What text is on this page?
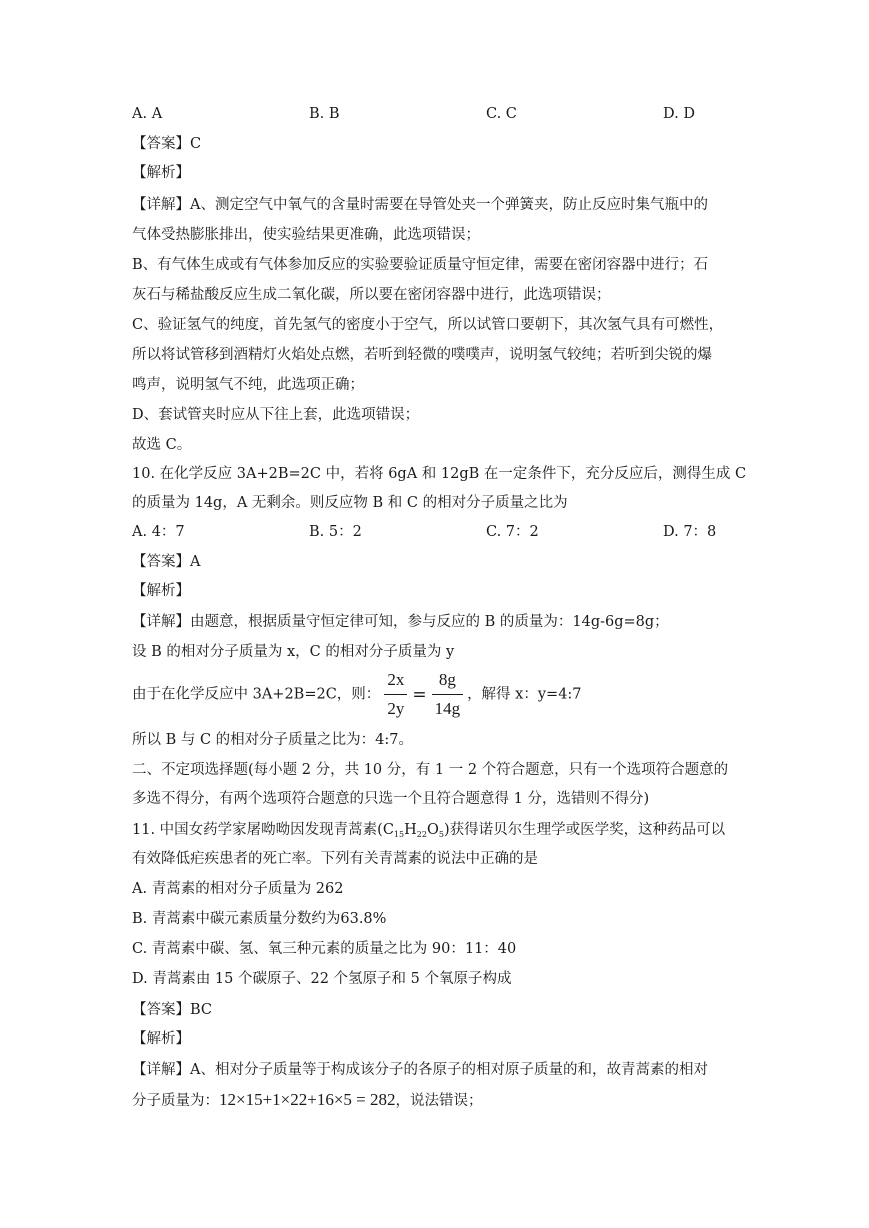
A. A	B. B	C. C	D. D
【答案】C
【解析】
【详解】A、测定空气中氧气的含量时需要在导管处夹一个弹簧夹，防止反应时集气瓶中的
气体受热膨胀排出，使实验结果更准确，此选项错误；
B、有气体生成或有气体参加反应的实验要验证质量守恒定律，需要在密闭容器中进行；石
灰石与稀盐酸反应生成二氧化碳，所以要在密闭容器中进行，此选项错误；
C、验证氢气的纯度，首先氢气的密度小于空气，所以试管口要朝下，其次氢气具有可燃性，
所以将试管移到酒精灯火焰处点燃，若听到轻微的噗噗声，说明氢气较纯；若听到尖锐的爆
鸣声，说明氢气不纯，此选项正确；
D、套试管夹时应从下往上套，此选项错误；
故选 C。
10. 在化学反应 3A+2B=2C 中，若将 6gA 和 12gB 在一定条件下，充分反应后，测得生成 C
的质量为 14g，A 无剩余。则反应物 B 和 C 的相对分子质量之比为
A. 4：7	B. 5：2	C. 7：2	D. 7：8
【答案】A
【解析】
【详解】由题意，根据质量守恒定律可知，参与反应的 B 的质量为：14g-6g=8g；
设 B 的相对分子质量为 x，C 的相对分子质量为 y
由于在化学反应中 3A+2B=2C，则： $\frac{2x}{2y} = \frac{8g}{14g}$ ，解得 x：y=4:7
所以 B 与 C 的相对分子质量之比为：4:7。
二、不定项选择题(每小题 2 分，共 10 分，有 1 一 2 个符合题意，只有一个选项符合题意的
多选不得分，有两个选项符合题意的只选一个且符合题意得 1 分，选错则不得分)
11. 中国女药学家屠呦呦因发现青蒿素$(C_{15}H_{22}O_5)$获得诺贝尔生理学或医学奖，这种药品可以
有效降低疟疾患者的死亡率。下列有关青蒿素的说法中正确的是
A. 青蒿素的相对分子质量为 262
B. 青蒿素中碳元素质量分数约为63.8%
C. 青蒿素中碳、氢、氧三种元素的质量之比为 90：11：40
D. 青蒿素由 15 个碳原子、22 个氢原子和 5 个氧原子构成
【答案】BC
【解析】
【详解】A、相对分子质量等于构成该分子的各原子的相对原子质量的和，故青蒿素的相对
分子质量为：12×15+1×22+16×5 = 282，说法错误；
